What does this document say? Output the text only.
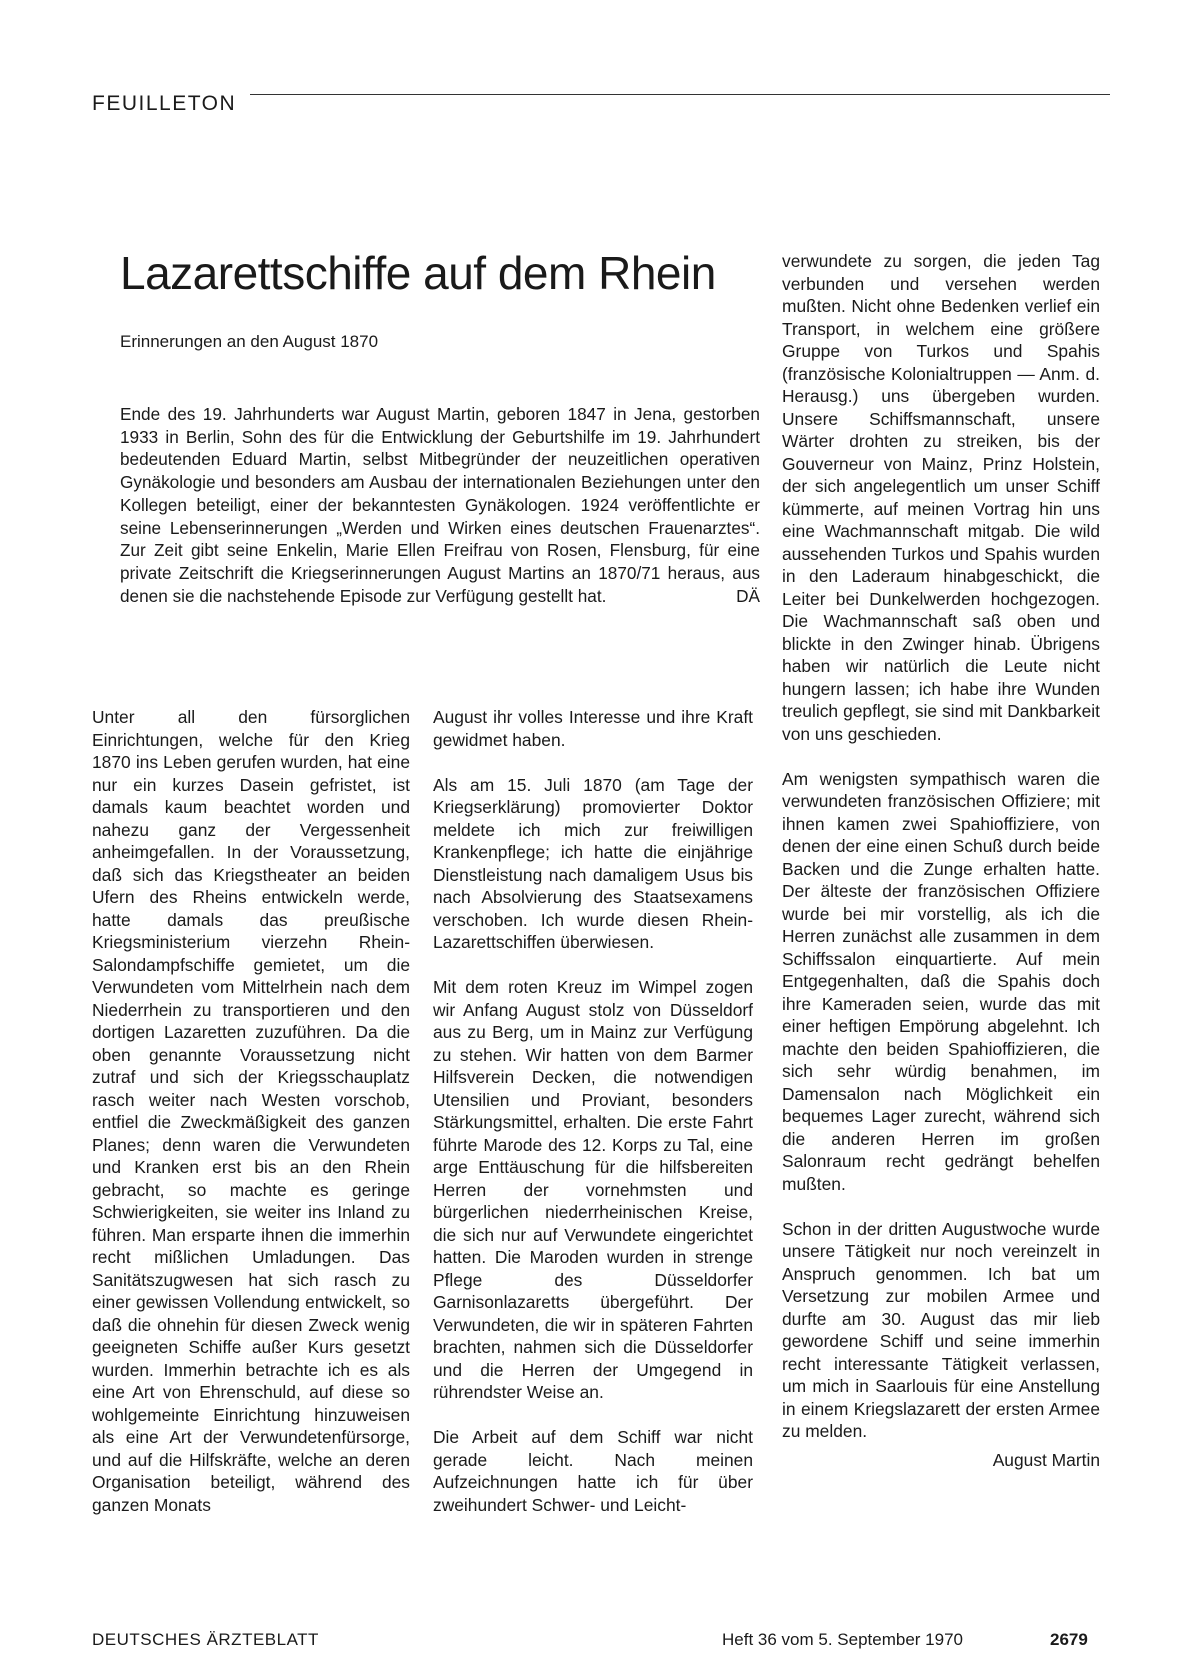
FEUILLETON
Lazarettschiffe auf dem Rhein
Erinnerungen an den August 1870
Ende des 19. Jahrhunderts war August Martin, geboren 1847 in Jena, gestorben 1933 in Berlin, Sohn des für die Entwicklung der Geburtshilfe im 19. Jahrhundert bedeutenden Eduard Martin, selbst Mitbegründer der neuzeitlichen operativen Gynäkologie und besonders am Ausbau der internationalen Beziehungen unter den Kollegen beteiligt, einer der bekanntesten Gynäkologen. 1924 veröffentlichte er seine Lebenserinnerungen „Werden und Wirken eines deutschen Frauenarztes“. Zur Zeit gibt seine Enkelin, Marie Ellen Freifrau von Rosen, Flensburg, für eine private Zeitschrift die Kriegserinnerungen August Martins an 1870/71 heraus, aus denen sie die nachstehende Episode zur Verfügung gestellt hat.	DÄ

Unter all den fürsorglichen Einrichtungen, welche für den Krieg 1870 ins Leben gerufen wurden, hat eine nur ein kurzes Dasein gefristet, ist damals kaum beachtet worden und nahezu ganz der Vergessenheit anheimgefallen. In der Voraussetzung, daß sich das Kriegstheater an beiden Ufern des Rheins entwickeln werde, hatte damals das preußische Kriegsministerium vierzehn Rhein-Salondampfschiffe gemietet, um die Verwundeten vom Mittelrhein nach dem Niederrhein zu transportieren und den dortigen Lazaretten zuzuführen. Da die oben genannte Voraussetzung nicht zutraf und sich der Kriegsschauplatz rasch weiter nach Westen vorschob, entfiel die Zweckmäßigkeit des ganzen Planes; denn waren die Verwundeten und Kranken erst bis an den Rhein gebracht, so machte es geringe Schwierigkeiten, sie weiter ins Inland zu führen. Man ersparte ihnen die immerhin recht mißlichen Umladungen. Das Sanitätszugwesen hat sich rasch zu einer gewissen Vollendung entwickelt, so daß die ohnehin für diesen Zweck wenig geeigneten Schiffe außer Kurs gesetzt wurden. Immerhin betrachte ich es als eine Art von Ehrenschuld, auf diese so wohlgemeinte Einrichtung hinzuweisen als eine Art der Verwundetenfürsorge, und auf die Hilfskräfte, welche an deren Organisation beteiligt, während des ganzen Monats

August ihr volles Interesse und ihre Kraft gewidmet haben.

Als am 15. Juli 1870 (am Tage der Kriegserklärung) promovierter Doktor meldete ich mich zur freiwilligen Krankenpflege; ich hatte die einjährige Dienstleistung nach damaligem Usus bis nach Absolvierung des Staatsexamens verschoben. Ich wurde diesen Rhein-Lazarettschiffen überwiesen.

Mit dem roten Kreuz im Wimpel zogen wir Anfang August stolz von Düsseldorf aus zu Berg, um in Mainz zur Verfügung zu stehen. Wir hatten von dem Barmer Hilfsverein Decken, die notwendigen Utensilien und Proviant, besonders Stärkungsmittel, erhalten. Die erste Fahrt führte Marode des 12. Korps zu Tal, eine arge Enttäuschung für die hilfsbereiten Herren der vornehmsten und bürgerlichen niederrheinischen Kreise, die sich nur auf Verwundete eingerichtet hatten. Die Maroden wurden in strenge Pflege des Düsseldorfer Garnisonlazaretts übergeführt. Der Verwundeten, die wir in späteren Fahrten brachten, nahmen sich die Düsseldorfer und die Herren der Umgegend in rührendster Weise an.

Die Arbeit auf dem Schiff war nicht gerade leicht. Nach meinen Aufzeichnungen hatte ich für über zweihundert Schwer- und Leicht-

verwundete zu sorgen, die jeden Tag verbunden und versehen werden mußten. Nicht ohne Bedenken verlief ein Transport, in welchem eine größere Gruppe von Turkos und Spahis (französische Kolonialtruppen — Anm. d. Herausg.) uns übergeben wurden. Unsere Schiffsmannschaft, unsere Wärter drohten zu streiken, bis der Gouverneur von Mainz, Prinz Holstein, der sich angelegentlich um unser Schiff kümmerte, auf meinen Vortrag hin uns eine Wachmannschaft mitgab. Die wild aussehenden Turkos und Spahis wurden in den Laderaum hinabgeschickt, die Leiter bei Dunkelwerden hochgezogen. Die Wachmannschaft saß oben und blickte in den Zwinger hinab. Übrigens haben wir natürlich die Leute nicht hungern lassen; ich habe ihre Wunden treulich gepflegt, sie sind mit Dankbarkeit von uns geschieden.

Am wenigsten sympathisch waren die verwundeten französischen Offiziere; mit ihnen kamen zwei Spahioffiziere, von denen der eine einen Schuß durch beide Backen und die Zunge erhalten hatte. Der älteste der französischen Offiziere wurde bei mir vorstellig, als ich die Herren zunächst alle zusammen in dem Schiffssalon einquartierte. Auf mein Entgegenhalten, daß die Spahis doch ihre Kameraden seien, wurde das mit einer heftigen Empörung abgelehnt. Ich machte den beiden Spahioffizieren, die sich sehr würdig benahmen, im Damensalon nach Möglichkeit ein bequemes Lager zurecht, während sich die anderen Herren im großen Salonraum recht gedrängt behelfen mußten.

Schon in der dritten Augustwoche wurde unsere Tätigkeit nur noch vereinzelt in Anspruch genommen. Ich bat um Versetzung zur mobilen Armee und durfte am 30. August das mir lieb gewordene Schiff und seine immerhin recht interessante Tätigkeit verlassen, um mich in Saarlouis für eine Anstellung in einem Kriegslazarett der ersten Armee zu melden.

August Martin
DEUTSCHES ÄRZTEBLATT	Heft 36 vom 5. September 1970	2679
